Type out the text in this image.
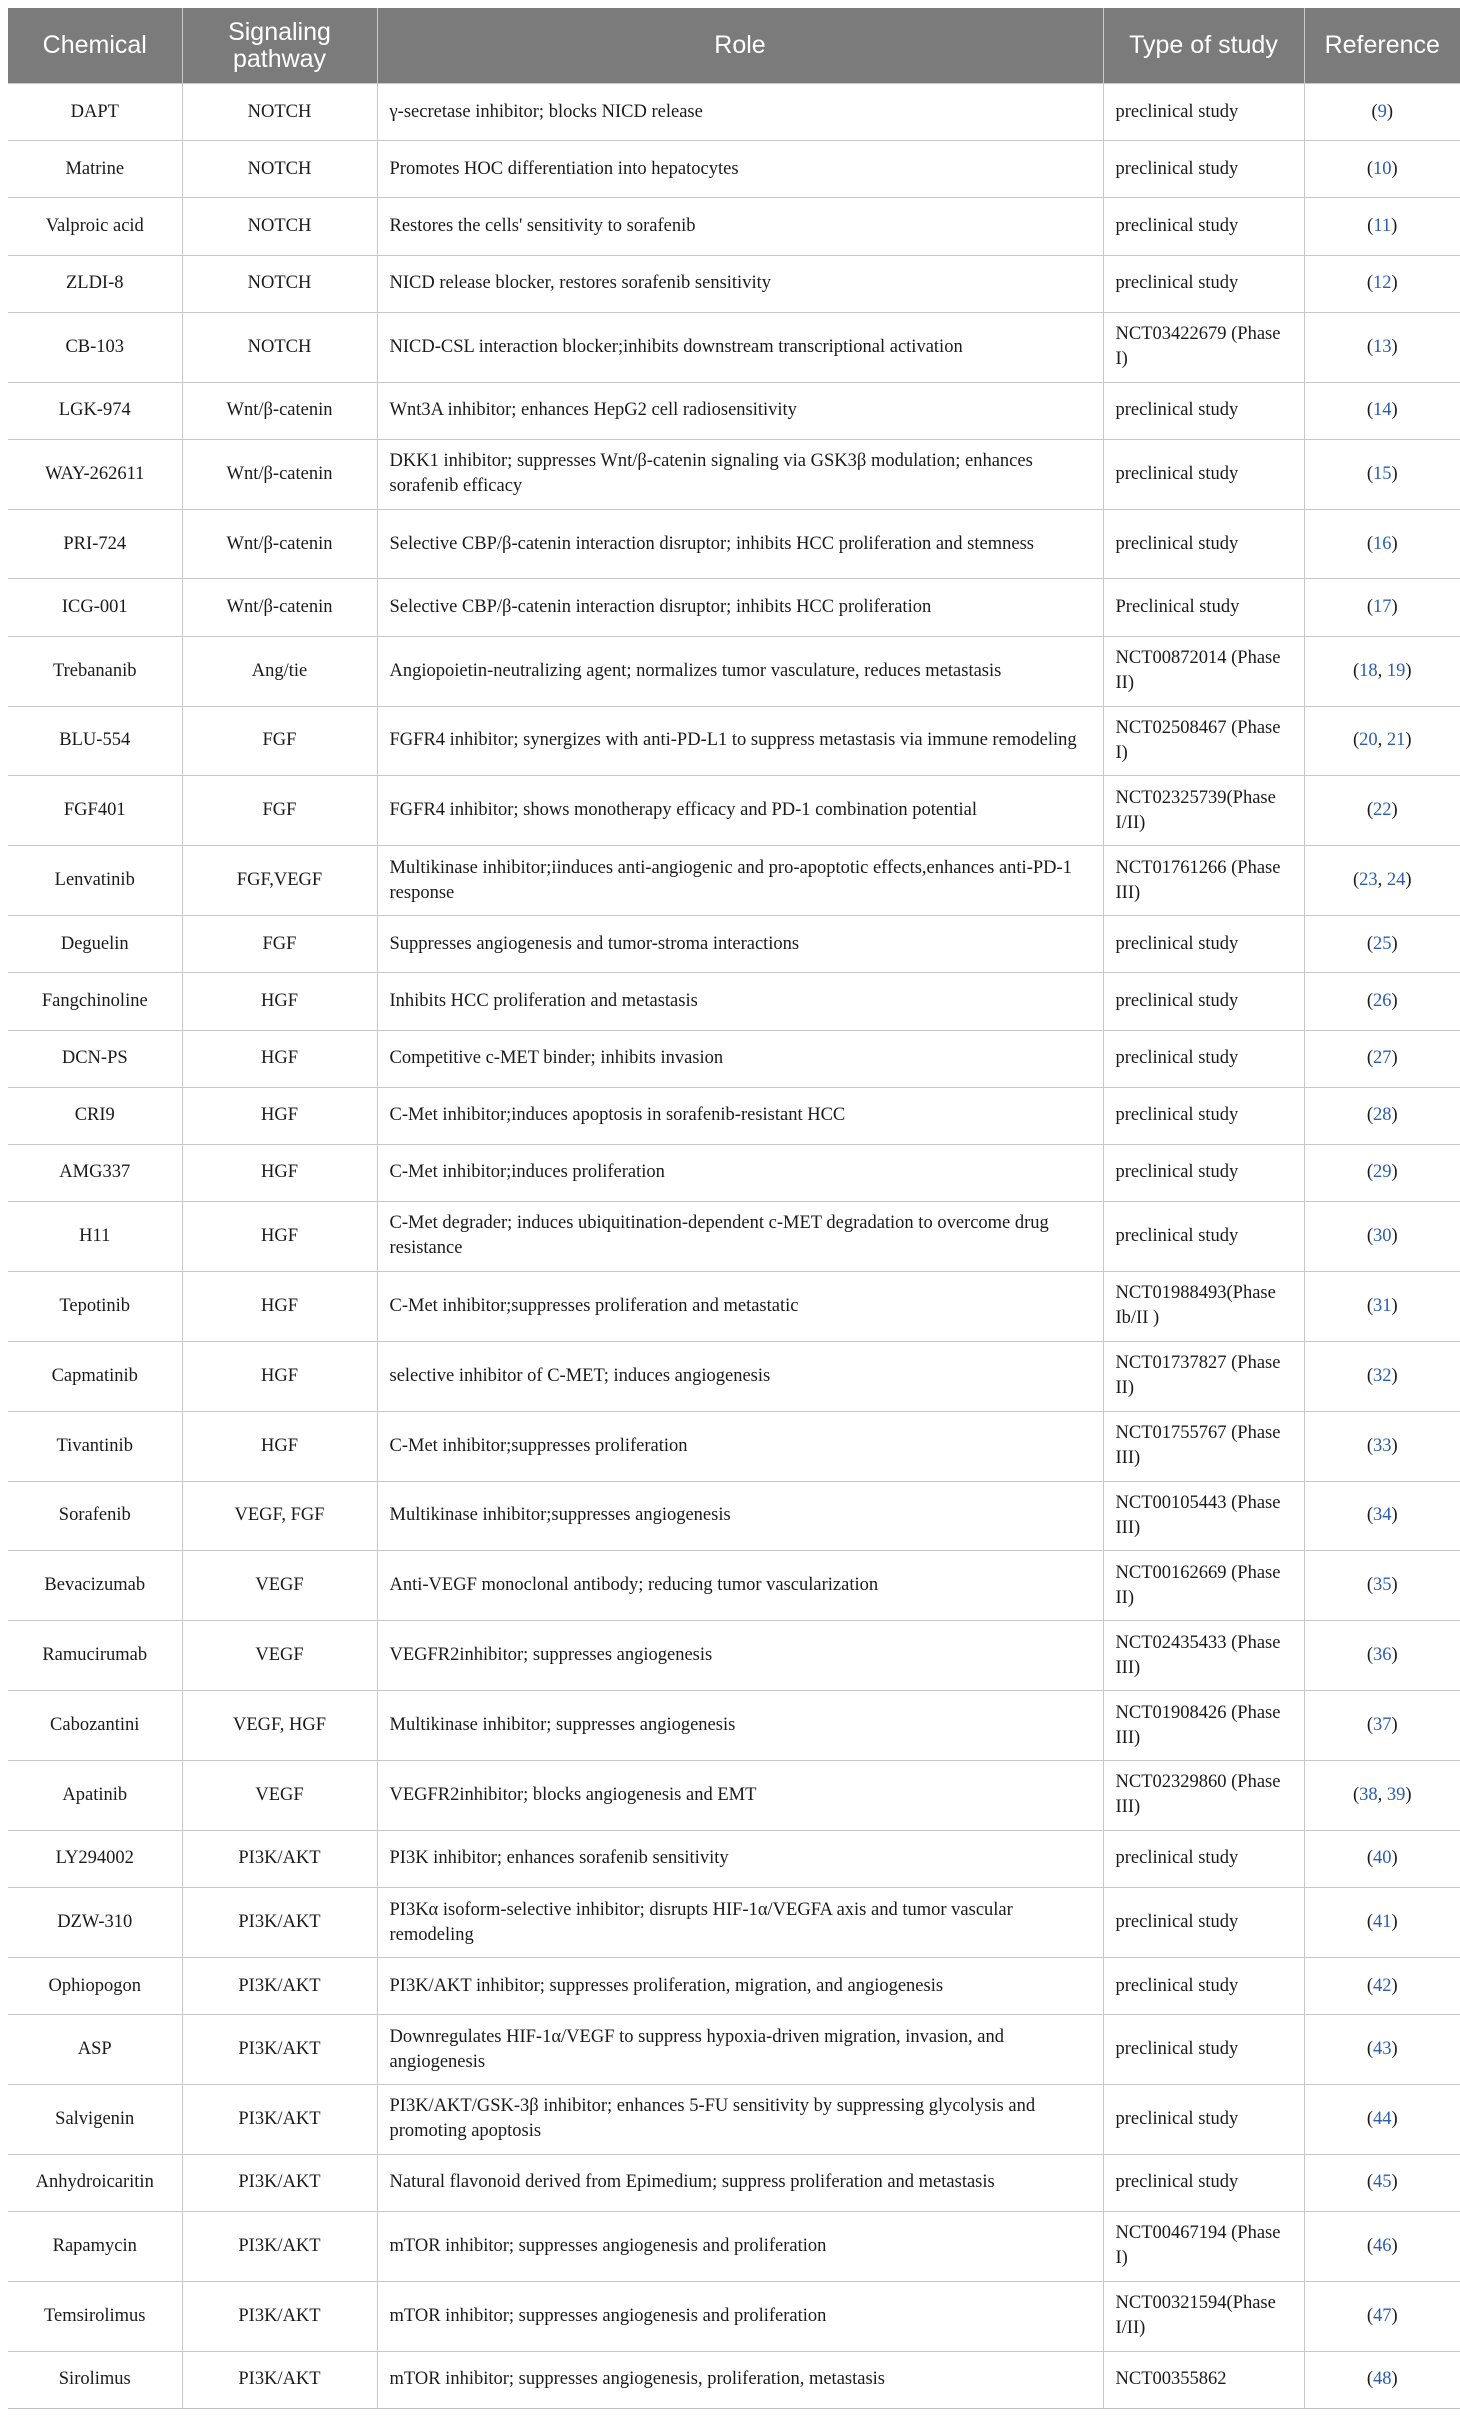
Chemical	Signaling pathway	Role	Type of study	Reference
DAPT	NOTCH	γ-secretase inhibitor; blocks NICD release	preclinical study	(9)
Matrine	NOTCH	Promotes HOC differentiation into hepatocytes	preclinical study	(10)
Valproic acid	NOTCH	Restores the cells' sensitivity to sorafenib	preclinical study	(11)
ZLDI-8	NOTCH	NICD release blocker, restores sorafenib sensitivity	preclinical study	(12)
CB-103	NOTCH	NICD-CSL interaction blocker;inhibits downstream transcriptional activation	NCT03422679 (Phase I)	(13)
LGK-974	Wnt/β-catenin	Wnt3A inhibitor; enhances HepG2 cell radiosensitivity	preclinical study	(14)
WAY-262611	Wnt/β-catenin	DKK1 inhibitor; suppresses Wnt/β-catenin signaling via GSK3β modulation; enhances sorafenib efficacy	preclinical study	(15)
PRI-724	Wnt/β-catenin	Selective CBP/β-catenin interaction disruptor; inhibits HCC proliferation and stemness	preclinical study	(16)
ICG-001	Wnt/β-catenin	Selective CBP/β-catenin interaction disruptor; inhibits HCC proliferation	Preclinical study	(17)
Trebananib	Ang/tie	Angiopoietin-neutralizing agent; normalizes tumor vasculature, reduces metastasis	NCT00872014 (Phase II)	(18, 19)
BLU-554	FGF	FGFR4 inhibitor; synergizes with anti-PD-L1 to suppress metastasis via immune remodeling	NCT02508467 (Phase I)	(20, 21)
FGF401	FGF	FGFR4 inhibitor; shows monotherapy efficacy and PD-1 combination potential	NCT02325739(Phase I/II)	(22)
Lenvatinib	FGF,VEGF	Multikinase inhibitor;iinduces anti-angiogenic and pro-apoptotic effects,enhances anti-PD-1 response	NCT01761266 (Phase III)	(23, 24)
Deguelin	FGF	Suppresses angiogenesis and tumor-stroma interactions	preclinical study	(25)
Fangchinoline	HGF	Inhibits HCC proliferation and metastasis	preclinical study	(26)
DCN-PS	HGF	Competitive c-MET binder; inhibits invasion	preclinical study	(27)
CRI9	HGF	C-Met inhibitor;induces apoptosis in sorafenib-resistant HCC	preclinical study	(28)
AMG337	HGF	C-Met inhibitor;induces proliferation	preclinical study	(29)
H11	HGF	C-Met degrader; induces ubiquitination-dependent c-MET degradation to overcome drug resistance	preclinical study	(30)
Tepotinib	HGF	C-Met inhibitor;suppresses proliferation and metastatic	NCT01988493(Phase Ib/II )	(31)
Capmatinib	HGF	selective inhibitor of C-MET; induces angiogenesis	NCT01737827 (Phase II)	(32)
Tivantinib	HGF	C-Met inhibitor;suppresses proliferation	NCT01755767 (Phase III)	(33)
Sorafenib	VEGF, FGF	Multikinase inhibitor;suppresses angiogenesis	NCT00105443 (Phase III)	(34)
Bevacizumab	VEGF	Anti-VEGF monoclonal antibody; reducing tumor vascularization	NCT00162669 (Phase II)	(35)
Ramucirumab	VEGF	VEGFR2inhibitor; suppresses angiogenesis	NCT02435433 (Phase III)	(36)
Cabozantini	VEGF, HGF	Multikinase inhibitor; suppresses angiogenesis	NCT01908426 (Phase III)	(37)
Apatinib	VEGF	VEGFR2inhibitor; blocks angiogenesis and EMT	NCT02329860 (Phase III)	(38, 39)
LY294002	PI3K/AKT	PI3K inhibitor; enhances sorafenib sensitivity	preclinical study	(40)
DZW-310	PI3K/AKT	PI3Kα isoform-selective inhibitor; disrupts HIF-1α/VEGFA axis and tumor vascular remodeling	preclinical study	(41)
Ophiopogon	PI3K/AKT	PI3K/AKT inhibitor; suppresses proliferation, migration, and angiogenesis	preclinical study	(42)
ASP	PI3K/AKT	Downregulates HIF-1α/VEGF to suppress hypoxia-driven migration, invasion, and angiogenesis	preclinical study	(43)
Salvigenin	PI3K/AKT	PI3K/AKT/GSK-3β inhibitor; enhances 5-FU sensitivity by suppressing glycolysis and promoting apoptosis	preclinical study	(44)
Anhydroicaritin	PI3K/AKT	Natural flavonoid derived from Epimedium; suppress proliferation and metastasis	preclinical study	(45)
Rapamycin	PI3K/AKT	mTOR inhibitor; suppresses angiogenesis and proliferation	NCT00467194 (Phase I)	(46)
Temsirolimus	PI3K/AKT	mTOR inhibitor; suppresses angiogenesis and proliferation	NCT00321594(Phase I/II)	(47)
Sirolimus	PI3K/AKT	mTOR inhibitor; suppresses angiogenesis, proliferation, metastasis	NCT00355862	(48)
